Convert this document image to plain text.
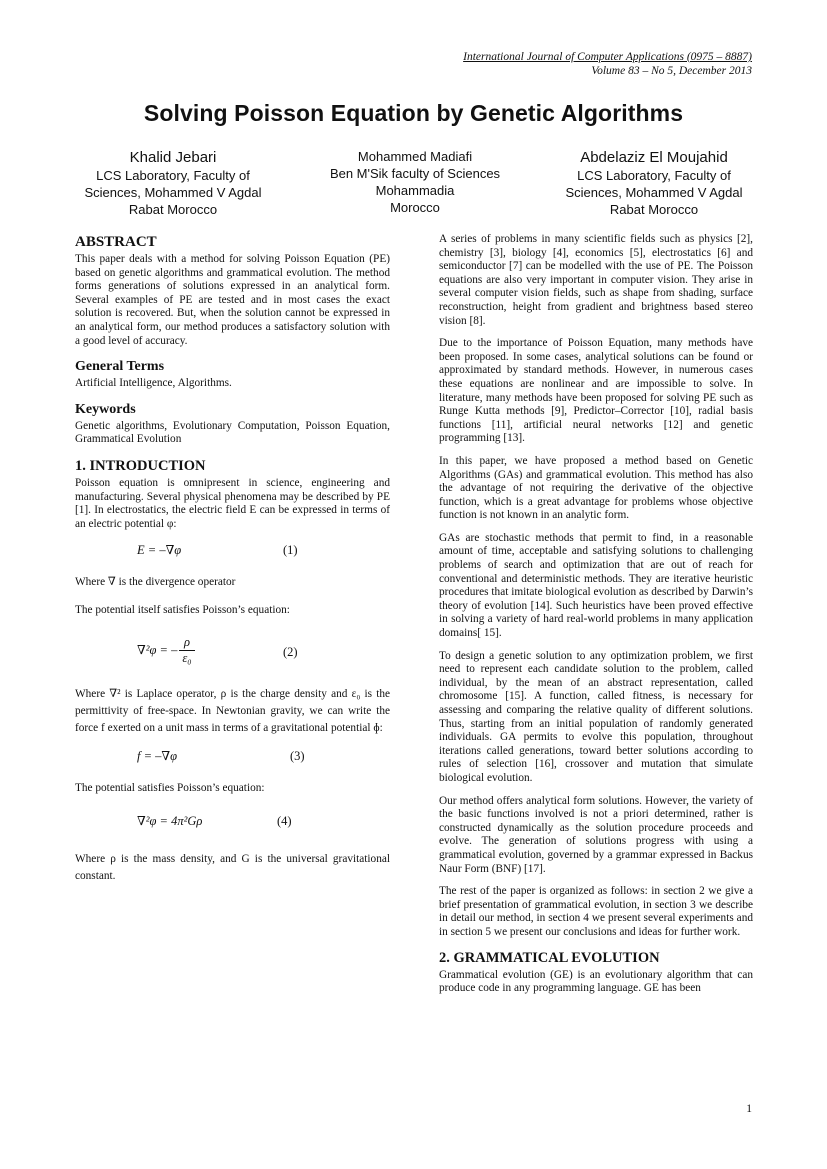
International Journal of Computer Applications (0975 – 8887)
Volume 83 – No 5, December 2013
Solving Poisson Equation by Genetic Algorithms
Khalid Jebari
LCS Laboratory, Faculty of
Sciences, Mohammed V Agdal
Rabat Morocco
Mohammed Madiafi
Ben M'Sik faculty of Sciences
Mohammadia
Morocco
Abdelaziz El Moujahid
LCS Laboratory, Faculty of
Sciences, Mohammed V Agdal
Rabat Morocco
ABSTRACT

This paper deals with a method for solving Poisson Equation (PE) based on genetic algorithms and grammatical evolution. The method forms generations of solutions expressed in an analytical form. Several examples of PE are tested and in most cases the exact solution is recovered. But, when the solution cannot be expressed in an analytical form, our method produces a satisfactory solution with a good level of accuracy.

General Terms

Artificial Intelligence, Algorithms.

Keywords

Genetic algorithms, Evolutionary Computation, Poisson Equation, Grammatical Evolution

1. INTRODUCTION

Poisson equation is omnipresent in science, engineering and manufacturing. Several physical phenomena may be described by PE [1]. In electrostatics, the electric field E can be expressed in terms of an electric potential φ:

E = –∇φ	(1)

Where ∇ is the divergence operator

The potential itself satisfies Poisson’s equation:

∇²φ = – $\frac{\rho}{\text{ε₀}}$	(2)

Where ∇² is Laplace operator, ρ is the charge density and ε₀ is the permittivity of free-space. In Newtonian gravity, we can write the force f exerted on a unit mass in terms of a gravitational potential ɸ:

f = –∇φ	(3)

The potential satisfies Poisson’s equation:

∇²φ = 4π²Gρ	(4)

Where ρ is the mass density, and G is the universal gravitational constant.

A series of problems in many scientific fields such as physics [2], chemistry [3], biology [4], economics [5], electrostatics [6] and semiconductor [7] can be modelled with the use of PE. The Poisson equations are also very important in computer vision. They arise in several computer vision fields, such as shape from shading, surface reconstruction, height from gradient and brightness based stereo vision [8].

Due to the importance of Poisson Equation, many methods have been proposed. In some cases, analytical solutions can be found or approximated by standard methods. However, in numerous cases these equations are nonlinear and are impossible to solve. In literature, many methods have been proposed for solving PE such as Runge Kutta methods [9], Predictor–Corrector [10], radial basis functions [11], artificial neural networks [12] and genetic programming [13].

In this paper, we have proposed a method based on Genetic Algorithms (GAs) and grammatical evolution. This method has also the advantage of not requiring the derivative of the objective function, which is a great advantage for problems whose objective function is not known in an analytic form.

GAs are stochastic methods that permit to find, in a reasonable amount of time, acceptable and satisfying solutions to challenging problems of search and optimization that are out of reach for conventional and deterministic methods. They are iterative heuristic procedures that imitate biological evolution as described by Darwin’s theory of evolution [14]. Such heuristics have been proved effective in solving a variety of hard real-world problems in many application domains[ 15].

To design a genetic solution to any optimization problem, we first need to represent each candidate solution to the problem, called individual, by the mean of an abstract representation, called chromosome [15]. A function, called fitness, is necessary for assessing and comparing the relative quality of different solutions. Thus, starting from an initial population of randomly generated individuals. GA permits to evolve this population, throughout iterations called generations, toward better solutions according to rules of selection [16], crossover and mutation that simulate biological evolution.

Our method offers analytical form solutions. However, the variety of the basic functions involved is not a priori determined, rather is constructed dynamically as the solution procedure proceeds and evolve. The generation of solutions progress with using a grammatical evolution, governed by a grammar expressed in Backus Naur Form (BNF) [17].

The rest of the paper is organized as follows: in section 2 we give a brief presentation of grammatical evolution, in section 3 we describe in detail our method, in section 4 we present several experiments and in section 5 we present our conclusions and ideas for further work.

2. GRAMMATICAL EVOLUTION

Grammatical evolution (GE) is an evolutionary algorithm that can produce code in any programming language. GE has been

1
